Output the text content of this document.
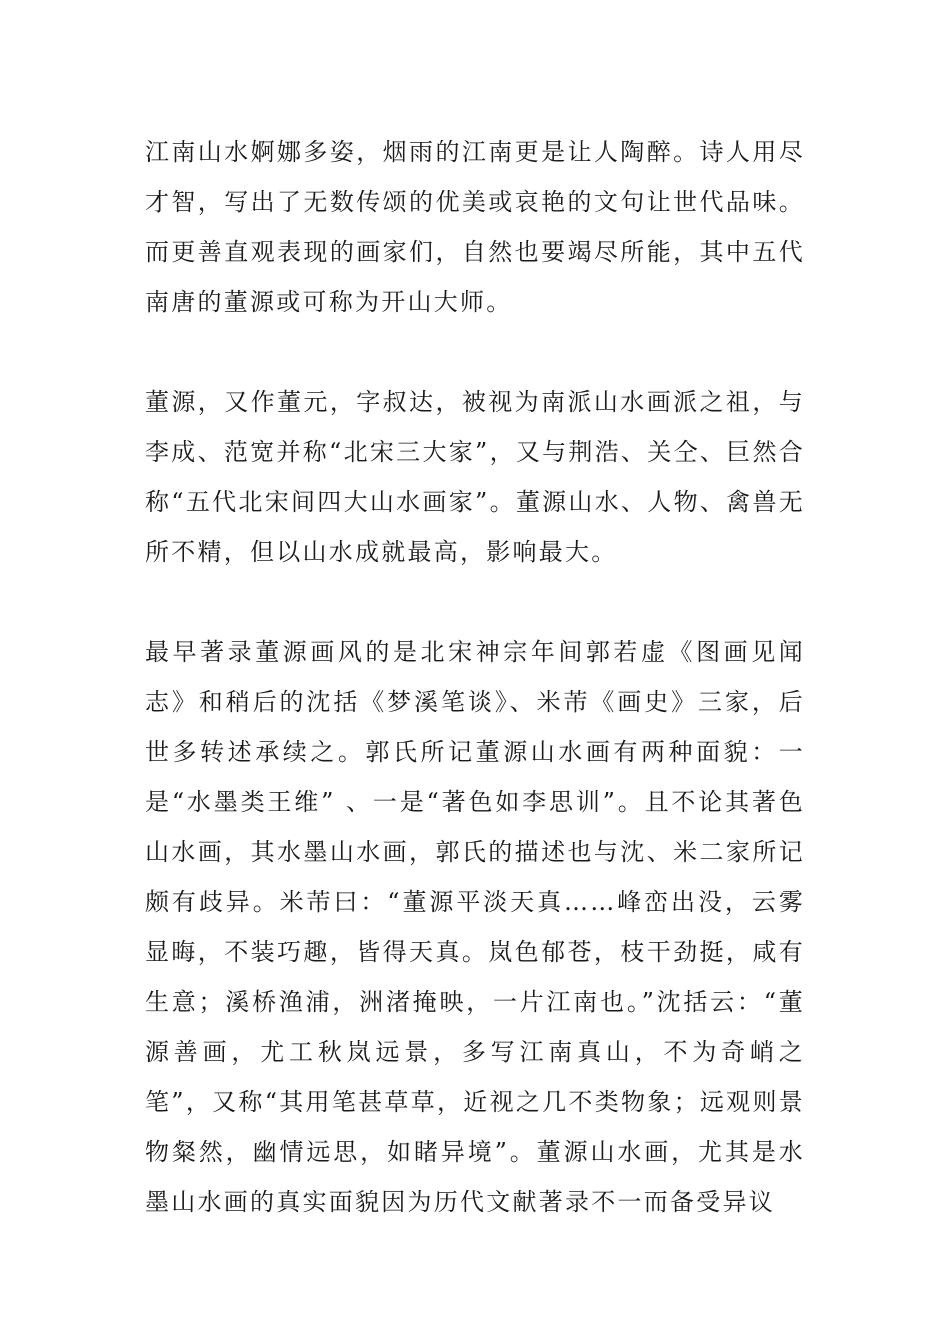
江南山水婀娜多姿，烟雨的江南更是让人陶醉。诗人用尽才智，写出了无数传颂的优美或哀艳的文句让世代品味。而更善直观表现的画家们，自然也要竭尽所能，其中五代南唐的董源或可称为开山大师。

董源，又作董元，字叔达，被视为南派山水画派之祖，与李成、范宽并称“北宋三大家”，又与荆浩、关仝、巨然合称“五代北宋间四大山水画家”。董源山水、人物、禽兽无所不精，但以山水成就最高，影响最大。

最早著录董源画风的是北宋神宗年间郭若虚《图画见闻志》和稍后的沈括《梦溪笔谈》、米芾《画史》三家，后世多转述承续之。郭氏所记董源山水画有两种面貌：一是“水墨类王维” 、一是“著色如李思训”。且不论其著色山水画，其水墨山水画，郭氏的描述也与沈、米二家所记颇有歧异。米芾曰：“董源平淡天真……峰峦出没，云雾显晦，不装巧趣，皆得天真。岚色郁苍，枝干劲挺，咸有生意；溪桥渔浦，洲渚掩映，一片江南也。”沈括云：“董源善画，尤工秋岚远景，多写江南真山，不为奇峭之笔”，又称“其用笔甚草草，近视之几不类物象；远观则景物粲然，幽情远思，如睹异境”。董源山水画，尤其是水墨山水画的真实面貌因为历代文献著录不一而备受异议
